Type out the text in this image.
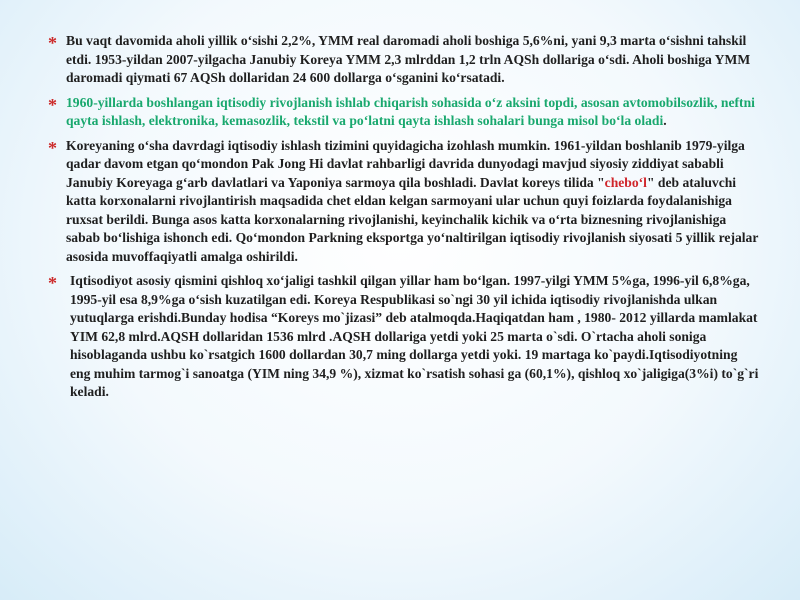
* Bu vaqt davomida aholi yillik o‘sishi 2,2%, YMM real daromadi aholi boshiga 5,6%ni, yani 9,3 marta o‘sishni tahskil etdi. 1953-yildan 2007-yilgacha Janubiy Koreya YMM 2,3 mlrddan 1,2 trln AQSh dollariga o‘sdi. Aholi boshiga YMM daromadi qiymati 67 AQSh dollaridan 24 600 dollarga o‘sganini ko‘rsatadi.
* 1960-yillarda boshlangan iqtisodiy rivojlanish ishlab chiqarish sohasida o‘z aksini topdi, asosan avtomobilsozlik, neftni qayta ishlash, elektronika, kemasozlik, tekstil va po‘latni qayta ishlash sohalari bunga misol bo‘la oladi.
* Koreyaning o‘sha davrdagi iqtisodiy ishlash tizimini quyidagicha izohlash mumkin. 1961-yildan boshlanib 1979-yilga qadar davom etgan qo‘mondon Pak Jong Hi davlat rahbarligi davrida dunyodagi mavjud siyosiy ziddiyat sababli Janubiy Koreyaga g‘arb davlatlari va Yaponiya sarmoya qila boshladi. Davlat koreys tilida "chebo‘l" deb ataluvchi katta korxonalarni rivojlantirish maqsadida chet eldan kelgan sarmoyani ular uchun quyi foizlarda foydalanishiga ruxsat berildi. Bunga asos katta korxonalarning rivojlanishi, keyinchalik kichik va o‘rta biznesning rivojlanishiga sabab bo‘lishiga ishonch edi. Qo‘mondon Parkning eksportga yo‘naltirilgan iqtisodiy rivojlanish siyosati 5 yillik rejalar asosida muvoffaqiyatli amalga oshirildi.
* Iqtisodiyot asosiy qismini qishloq xo‘jaligi tashkil qilgan yillar ham bo‘lgan. 1997-yilgi YMM 5%ga, 1996-yil 6,8%ga, 1995-yil esa 8,9%ga o‘sish kuzatilgan edi. Koreya Respublikasi so`ngi 30 yil ichida iqtisodiy rivojlanishda ulkan yutuqlarga erishdi.Bunday hodisa “Koreys mo`jizasi” deb atalmoqda.Haqiqatdan ham , 1980- 2012 yillarda mamlakat YIM 62,8 mlrd.AQSH dollaridan 1536 mlrd .AQSH dollariga yetdi yoki 25 marta o`sdi. O`rtacha aholi soniga hisoblaganda ushbu ko`rsatgich 1600 dollardan 30,7 ming dollarga yetdi yoki. 19 martaga ko`paydi.Iqtisodiyotning eng muhim tarmog`i sanoatga (YIM ning 34,9 %), xizmat ko`rsatish sohasi ga (60,1%), qishloq xo`jaligiga(3%i) to`g`ri keladi.
